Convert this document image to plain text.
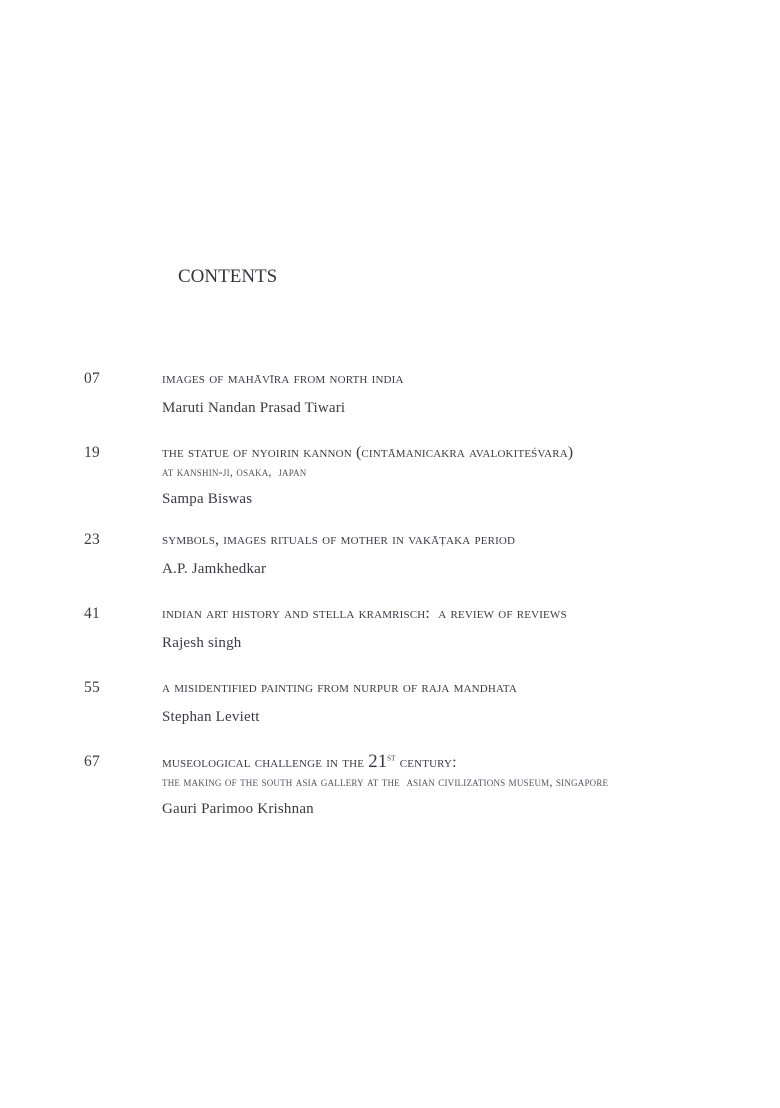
contents

07	images of mahāvīra from north india
Maruti Nandan Prasad Tiwari
19	the statue of nyoirin kannon (cintāmanicakra avalokiteśvara)
at kanshin-ji, osaka,  japan
Sampa Biswas
23	symbols, images rituals of mother in vakāṭaka period
A.P. Jamkhedkar
41	indian art history and stella kramrisch:  a review of reviews
Rajesh singh
55	a misidentified painting from nurpur of raja mandhata
Stephan Leviett
67	museological challenge in the 21st century:
the making of the south asia gallery at the  asian civilizations museum, singapore
Gauri Parimoo Krishnan
